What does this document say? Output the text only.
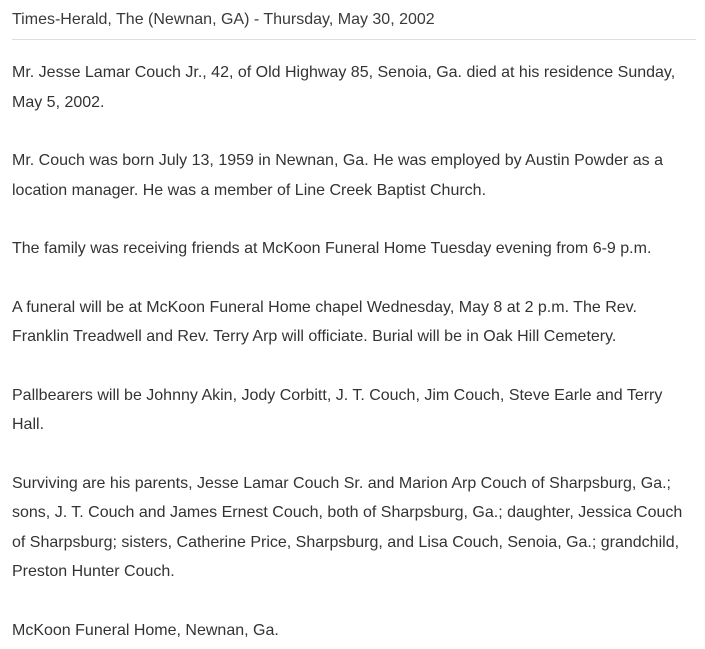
Times-Herald, The (Newnan, GA) - Thursday, May 30, 2002

Mr. Jesse Lamar Couch Jr., 42, of Old Highway 85, Senoia, Ga. died at his residence Sunday, May 5, 2002.

Mr. Couch was born July 13, 1959 in Newnan, Ga. He was employed by Austin Powder as a location manager. He was a member of Line Creek Baptist Church.

The family was receiving friends at McKoon Funeral Home Tuesday evening from 6-9 p.m.

A funeral will be at McKoon Funeral Home chapel Wednesday, May 8 at 2 p.m. The Rev. Franklin Treadwell and Rev. Terry Arp will officiate. Burial will be in Oak Hill Cemetery.

Pallbearers will be Johnny Akin, Jody Corbitt, J. T. Couch, Jim Couch, Steve Earle and Terry Hall.

Surviving are his parents, Jesse Lamar Couch Sr. and Marion Arp Couch of Sharpsburg, Ga.; sons, J. T. Couch and James Ernest Couch, both of Sharpsburg, Ga.; daughter, Jessica Couch of Sharpsburg; sisters, Catherine Price, Sharpsburg, and Lisa Couch, Senoia, Ga.; grandchild, Preston Hunter Couch.

McKoon Funeral Home, Newnan, Ga.
